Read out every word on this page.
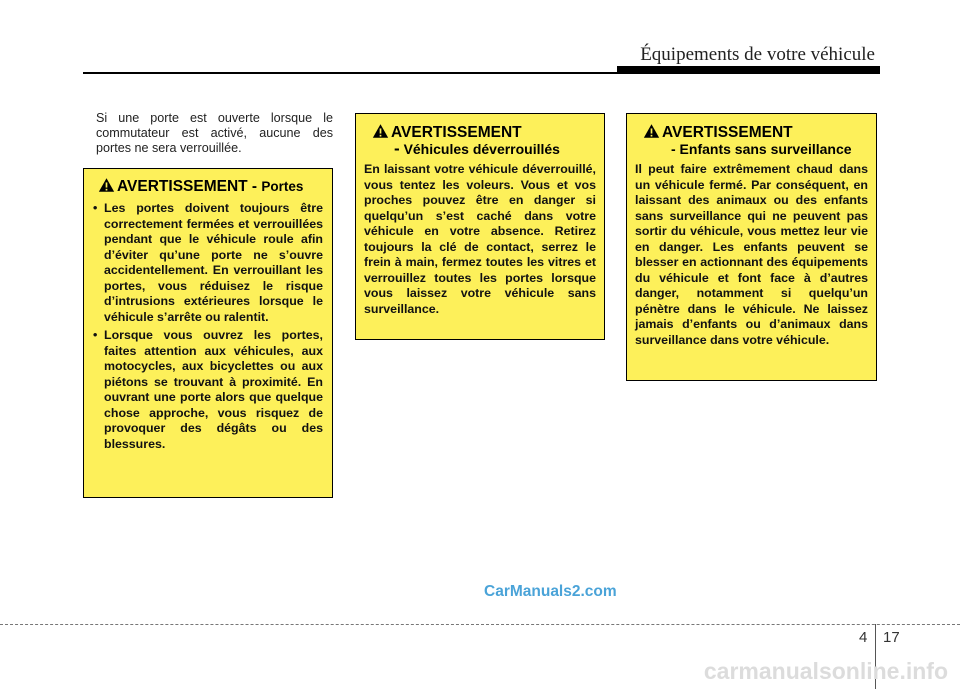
Équipements de votre véhicule
Si une porte est ouverte lorsque le commutateur est activé, aucune des portes ne sera verrouillée.
AVERTISSEMENT - Portes
• Les portes doivent toujours être correctement fermées et verrouillées pendant que le véhicule roule afin d’éviter qu’une porte ne s’ouvre accidentellement. En verrouillant les portes, vous réduisez le risque d’intrusions extérieures lorsque le véhicule s’arrête ou ralentit.
• Lorsque vous ouvrez les portes, faites attention aux véhicules, aux motocycles, aux bicyclettes ou aux piétons se trouvant à proximité. En ouvrant une porte alors que quelque chose approche, vous risquez de provoquer des dégâts ou des blessures.
AVERTISSEMENT
- Véhicules déverrouillés
En laissant votre véhicule déverrouillé, vous tentez les voleurs. Vous et vos proches pouvez être en danger si quelqu’un s’est caché dans votre véhicule en votre absence. Retirez toujours la clé de contact, serrez le frein à main, fermez toutes les vitres et verrouillez toutes les portes lorsque vous laissez votre véhicule sans surveillance.
AVERTISSEMENT
- Enfants sans surveillance
Il peut faire extrêmement chaud dans un véhicule fermé. Par conséquent, en laissant des animaux ou des enfants sans surveillance qui ne peuvent pas sortir du véhicule, vous mettez leur vie en danger. Les enfants peuvent se blesser en actionnant des équipements du véhicule et font face à d’autres danger, notamment si quelqu’un pénètre dans le véhicule. Ne laissez jamais d’enfants ou d’animaux dans surveillance dans votre véhicule.
CarManuals2.com
4 17
carmanualsonline.info
